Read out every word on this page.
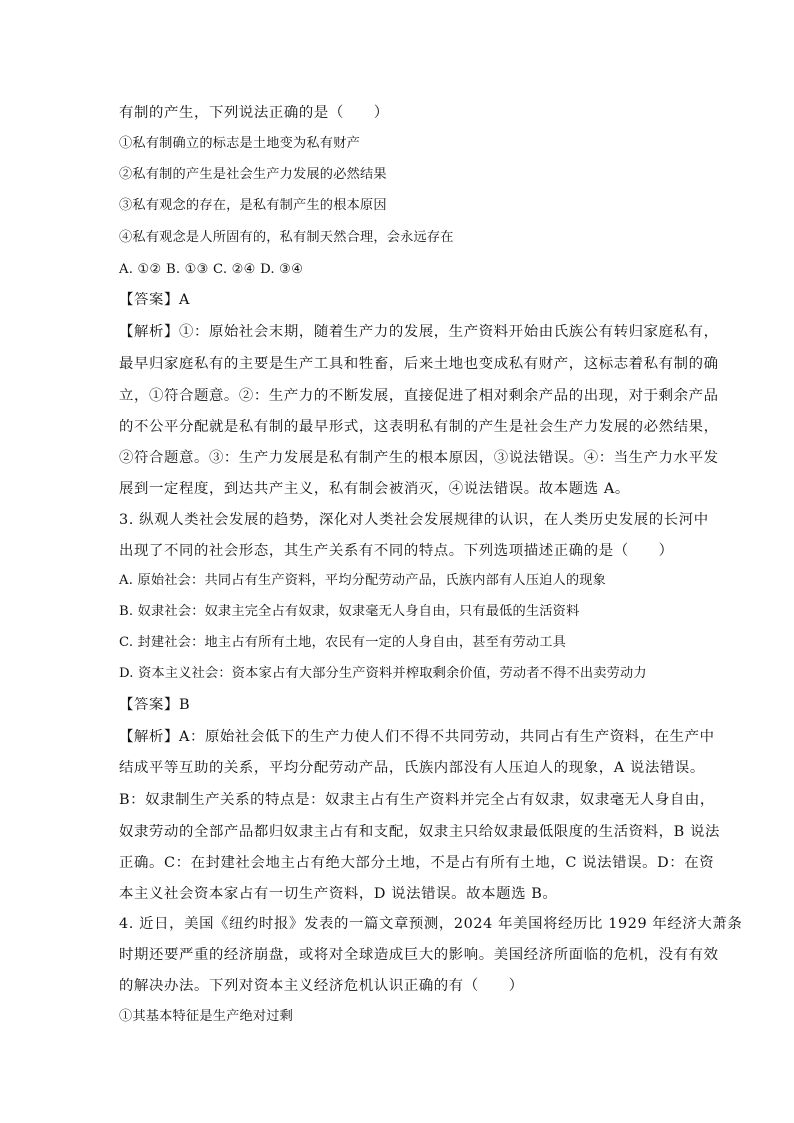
有制的产生，下列说法正确的是（　　）
①私有制确立的标志是土地变为私有财产
②私有制的产生是社会生产力发展的必然结果
③私有观念的存在，是私有制产生的根本原因
④私有观念是人所固有的，私有制天然合理，会永远存在
A. ①② B. ①③ C. ②④ D. ③④
【答案】A
【解析】①：原始社会末期，随着生产力的发展，生产资料开始由氏族公有转归家庭私有，
最早归家庭私有的主要是生产工具和牲畜，后来土地也变成私有财产，这标志着私有制的确
立，①符合题意。②：生产力的不断发展，直接促进了相对剩余产品的出现，对于剩余产品
的不公平分配就是私有制的最早形式，这表明私有制的产生是社会生产力发展的必然结果，
②符合题意。③：生产力发展是私有制产生的根本原因，③说法错误。④：当生产力水平发
展到一定程度，到达共产主义，私有制会被消灭，④说法错误。故本题选 A。
3. 纵观人类社会发展的趋势，深化对人类社会发展规律的认识，在人类历史发展的长河中
出现了不同的社会形态，其生产关系有不同的特点。下列选项描述正确的是（　　）
A. 原始社会：共同占有生产资料，平均分配劳动产品，氏族内部有人压迫人的现象
B. 奴隶社会：奴隶主完全占有奴隶，奴隶毫无人身自由，只有最低的生活资料
C. 封建社会：地主占有所有土地，农民有一定的人身自由，甚至有劳动工具
D. 资本主义社会：资本家占有大部分生产资料并榨取剩余价值，劳动者不得不出卖劳动力
【答案】B
【解析】A：原始社会低下的生产力使人们不得不共同劳动，共同占有生产资料，在生产中
结成平等互助的关系，平均分配劳动产品，氏族内部没有人压迫人的现象，A 说法错误。
B：奴隶制生产关系的特点是：奴隶主占有生产资料并完全占有奴隶，奴隶毫无人身自由，
奴隶劳动的全部产品都归奴隶主占有和支配，奴隶主只给奴隶最低限度的生活资料，B 说法
正确。C：在封建社会地主占有绝大部分土地，不是占有所有土地，C 说法错误。D：在资
本主义社会资本家占有一切生产资料，D 说法错误。故本题选 B。
4. 近日，美国《纽约时报》发表的一篇文章预测，2024 年美国将经历比 1929 年经济大萧条
时期还要严重的经济崩盘，或将对全球造成巨大的影响。美国经济所面临的危机，没有有效
的解决办法。下列对资本主义经济危机认识正确的有（　　）
①其基本特征是生产绝对过剩
